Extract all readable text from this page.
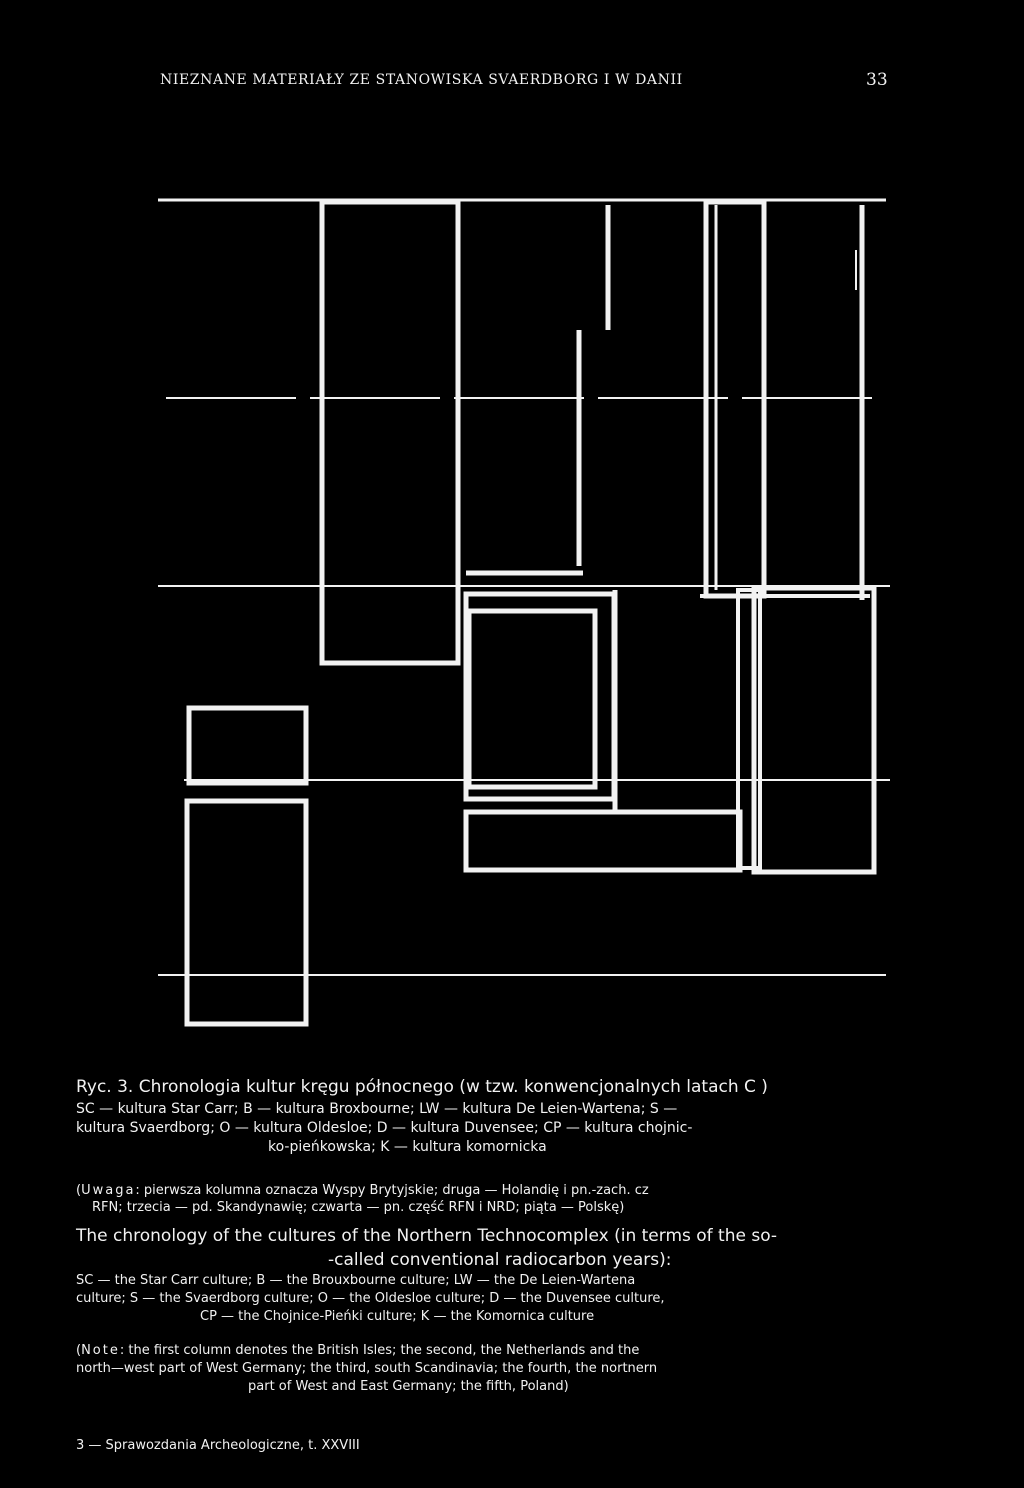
NIEZNANE MATERIAŁY ZE STANOWISKA SVAERDBORG I W DANII	33
Ryc. 3. Chronologia kultur kręgu północnego (w tzw. konwencjonalnych latach C )
SC — kultura Star Carr; B — kultura Broxbourne; LW — kultura De Leien-Wartena; S —
kultura Svaerdborg; O — kultura Oldesloe; D — kultura Duvensee; CP — kultura chojnic-
ko-pieńkowska; K — kultura komornicka
(Uwaga: pierwsza kolumna oznacza Wyspy Brytyjskie; druga — Holandię i pn.-zach. cz
RFN; trzecia — pd. Skandynawię; czwarta — pn. część RFN i NRD; piąta — Polskę)
The chronology of the cultures of the Northern Technocomplex (in terms of the so-
-called conventional radiocarbon years):
SC — the Star Carr culture; B — the Brouxbourne culture; LW — the De Leien-Wartena
culture; S — the Svaerdborg culture; O — the Oldesloe culture; D — the Duvensee culture,
CP — the Chojnice-Pieńki culture; K — the Komornica culture
(Note: the first column denotes the British Isles; the second, the Netherlands and the
north—west part of West Germany; the third, south Scandinavia; the fourth, the nortnern
part of West and East Germany; the fifth, Poland)
3 — Sprawozdania Archeologiczne, t. XXVIII
